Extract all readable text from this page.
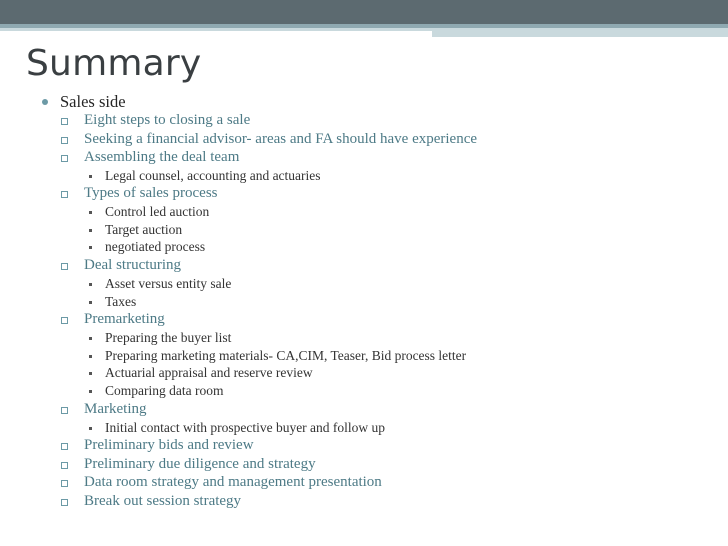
Summary
Sales side
Eight steps to closing a sale
Seeking a financial advisor- areas and FA should have experience
Assembling the deal team
Legal counsel, accounting and actuaries
Types of sales process
Control led auction
Target auction
negotiated process
Deal structuring
Asset versus entity sale
Taxes
Premarketing
Preparing the buyer list
Preparing marketing materials- CA,CIM, Teaser, Bid process letter
Actuarial appraisal and reserve review
Comparing data room
Marketing
Initial contact with prospective buyer and follow up
Preliminary bids and review
Preliminary due diligence and strategy
Data room strategy and management presentation
Break out session strategy
